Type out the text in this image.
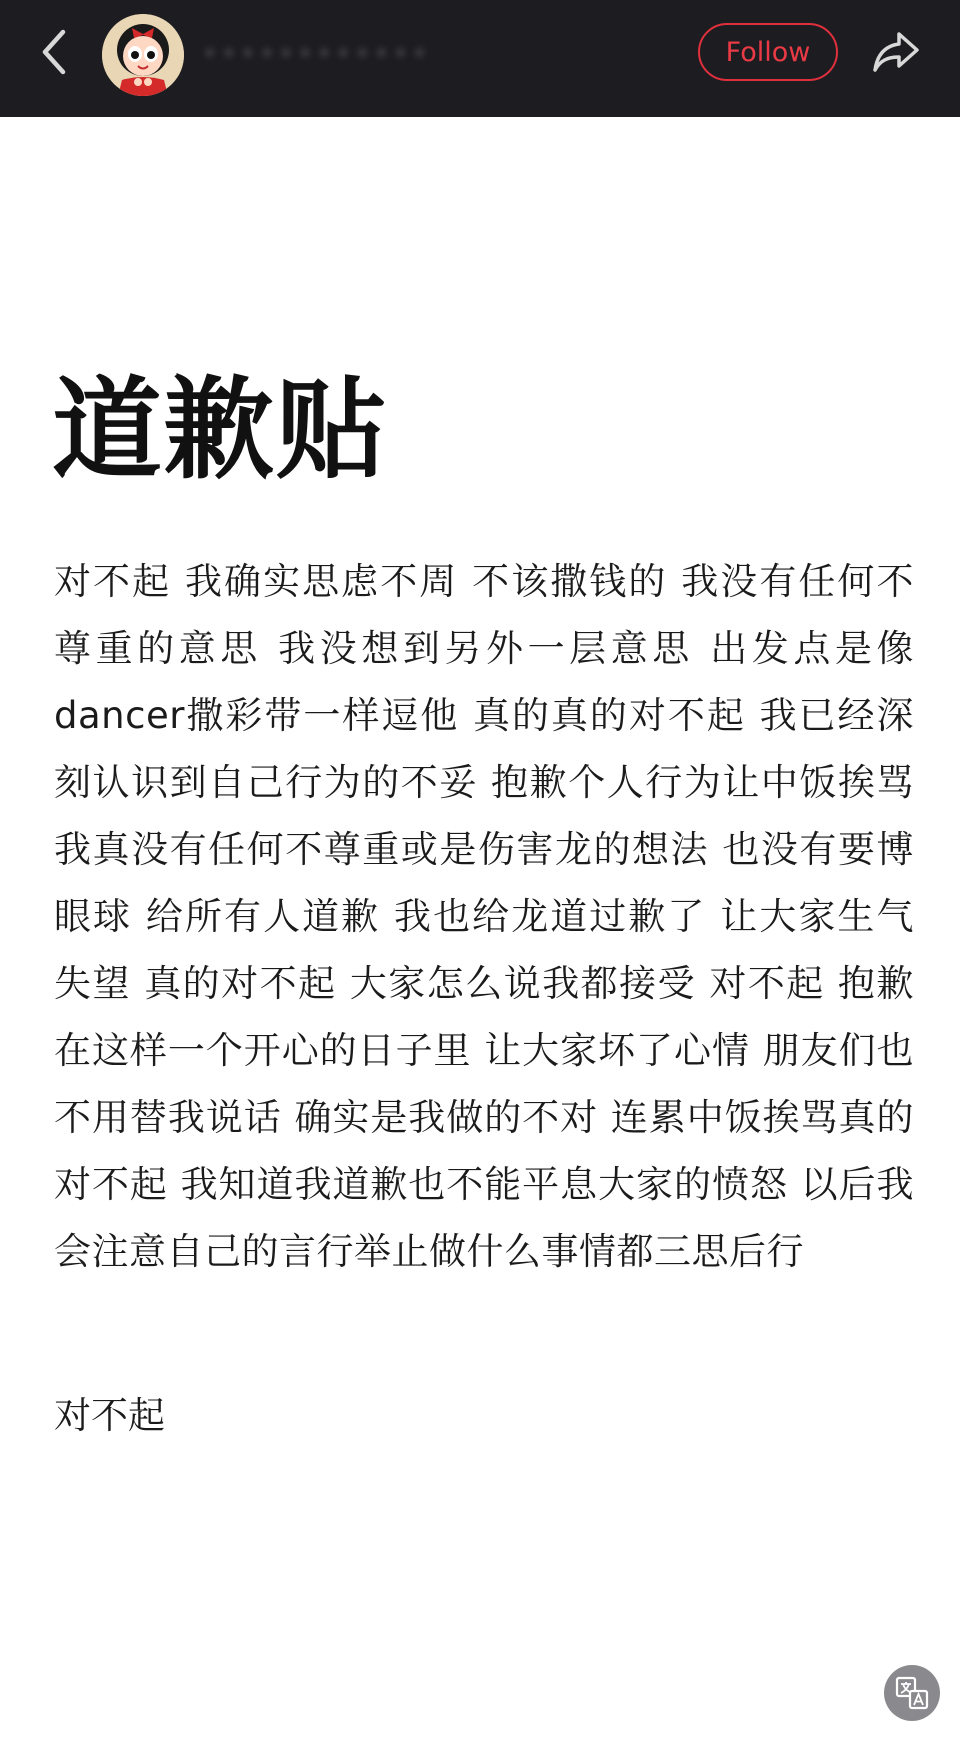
· · · · · · · · · · · ·	Follow
道歉贴

对不起 我确实思虑不周 不该撒钱的 我没有任何不尊重的意思 我没想到另外一层意思 出发点是像dancer撒彩带一样逗他 真的真的对不起 我已经深刻认识到自己行为的不妥 抱歉个人行为让中饭挨骂 我真没有任何不尊重或是伤害龙的想法 也没有要博眼球 给所有人道歉 我也给龙道过歉了 让大家生气失望 真的对不起 大家怎么说我都接受 对不起 抱歉在这样一个开心的日子里 让大家坏了心情 朋友们也不用替我说话 确实是我做的不对 连累中饭挨骂真的对不起 我知道我道歉也不能平息大家的愤怒 以后我会注意自己的言行举止做什么事情都三思后行

对不起
